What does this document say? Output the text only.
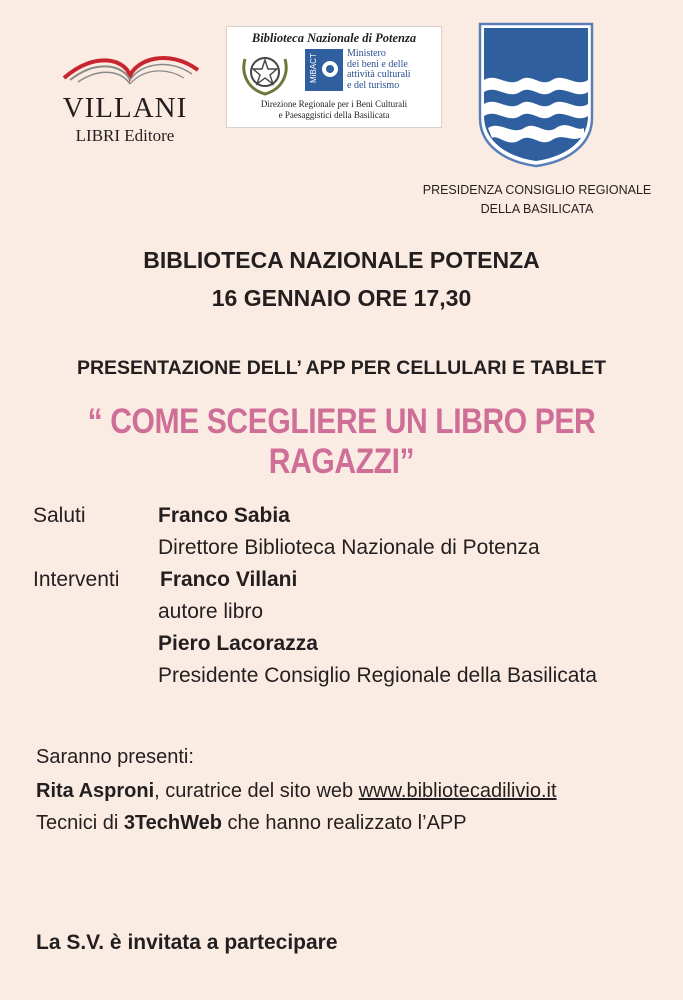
VILLANI
LIBRI Editore
Biblioteca Nazionale di Potenza
MiBACT	Ministero
dei beni e delle
attività culturali
e del turismo
Direzione Regionale per i Beni Culturali
e Paesaggistici della Basilicata
PRESIDENZA CONSIGLIO REGIONALE
DELLA BASILICATA
BIBLIOTECA NAZIONALE POTENZA
16 GENNAIO ORE 17,30
PRESENTAZIONE DELL’ APP PER CELLULARI E TABLET
“ COME SCEGLIERE UN LIBRO PER RAGAZZI”
Saluti	Franco Sabia
Direttore Biblioteca Nazionale di Potenza
Interventi Franco Villani
autore libro
Piero Lacorazza
Presidente Consiglio Regionale della Basilicata
Saranno presenti:
Rita Asproni, curatrice del sito web www.bibliotecadilivio.it
Tecnici di 3TechWeb che hanno realizzato l’APP
La S.V. è invitata a partecipare
